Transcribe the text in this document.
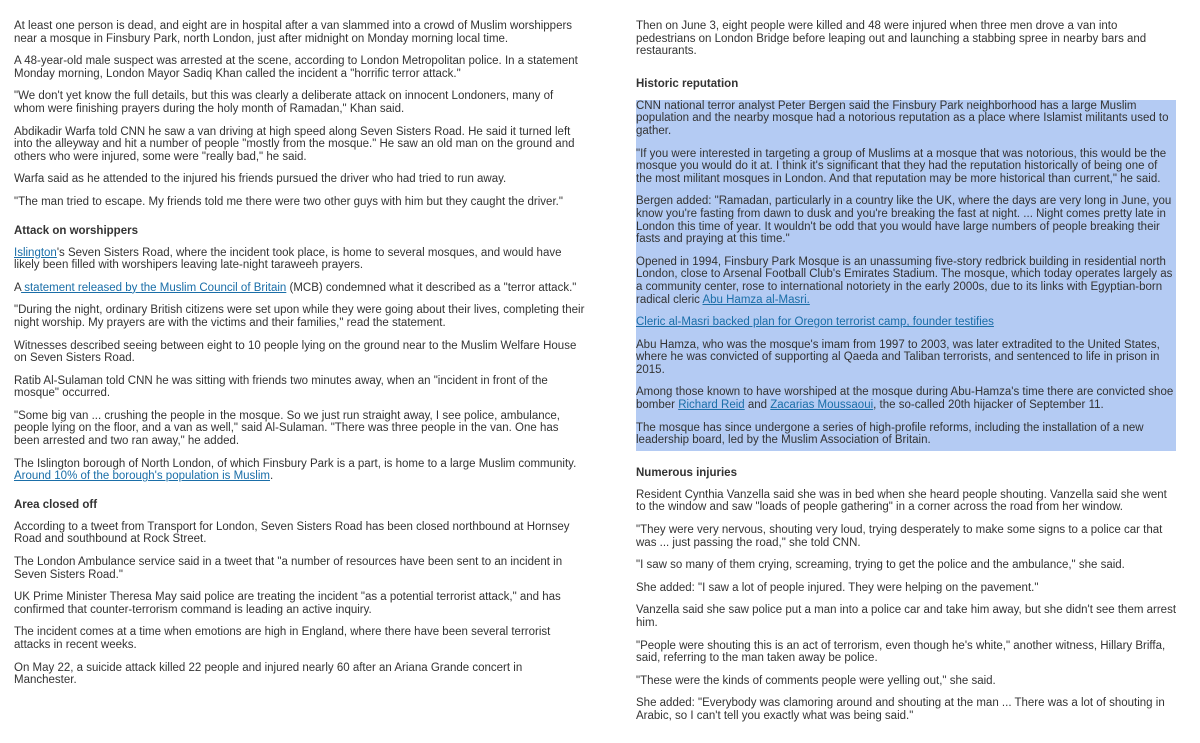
At least one person is dead, and eight are in hospital after a van slammed into a crowd of Muslim worshippers near a mosque in Finsbury Park, north London, just after midnight on Monday morning local time.

A 48-year-old male suspect was arrested at the scene, according to London Metropolitan police. In a statement Monday morning, London Mayor Sadiq Khan called the incident a "horrific terror attack."

"We don't yet know the full details, but this was clearly a deliberate attack on innocent Londoners, many of whom were finishing prayers during the holy month of Ramadan," Khan said.

Abdikadir Warfa told CNN he saw a van driving at high speed along Seven Sisters Road. He said it turned left into the alleyway and hit a number of people "mostly from the mosque." He saw an old man on the ground and others who were injured, some were "really bad," he said.

Warfa said as he attended to the injured his friends pursued the driver who had tried to run away.

"The man tried to escape. My friends told me there were two other guys with him but they caught the driver."

Attack on worshippers

Islington's Seven Sisters Road, where the incident took place, is home to several mosques, and would have likely been filled with worshipers leaving late-night taraweeh prayers.

A statement released by the Muslim Council of Britain (MCB) condemned what it described as a "terror attack."

"During the night, ordinary British citizens were set upon while they were going about their lives, completing their night worship. My prayers are with the victims and their families," read the statement.

Witnesses described seeing between eight to 10 people lying on the ground near to the Muslim Welfare House on Seven Sisters Road.

Ratib Al-Sulaman told CNN he was sitting with friends two minutes away, when an "incident in front of the mosque" occurred.

"Some big van ... crushing the people in the mosque. So we just run straight away, I see police, ambulance, people lying on the floor, and a van as well," said Al-Sulaman. "There was three people in the van. One has been arrested and two ran away," he added.

The Islington borough of North London, of which Finsbury Park is a part, is home to a large Muslim community. Around 10% of the borough's population is Muslim.

Area closed off

According to a tweet from Transport for London, Seven Sisters Road has been closed northbound at Hornsey Road and southbound at Rock Street.

The London Ambulance service said in a tweet that "a number of resources have been sent to an incident in Seven Sisters Road."

UK Prime Minister Theresa May said police are treating the incident "as a potential terrorist attack," and has confirmed that counter-terrorism command is leading an active inquiry.

The incident comes at a time when emotions are high in England, where there have been several terrorist attacks in recent weeks.

On May 22, a suicide attack killed 22 people and injured nearly 60 after an Ariana Grande concert in Manchester.

Then on June 3, eight people were killed and 48 were injured when three men drove a van into pedestrians on London Bridge before leaping out and launching a stabbing spree in nearby bars and restaurants.

Historic reputation

CNN national terror analyst Peter Bergen said the Finsbury Park neighborhood has a large Muslim population and the nearby mosque had a notorious reputation as a place where Islamist militants used to gather.

"If you were interested in targeting a group of Muslims at a mosque that was notorious, this would be the mosque you would do it at. I think it's significant that they had the reputation historically of being one of the most militant mosques in London. And that reputation may be more historical than current," he said.

Bergen added: "Ramadan, particularly in a country like the UK, where the days are very long in June, you know you're fasting from dawn to dusk and you're breaking the fast at night. ... Night comes pretty late in London this time of year. It wouldn't be odd that you would have large numbers of people breaking their fasts and praying at this time."

Opened in 1994, Finsbury Park Mosque is an unassuming five-story redbrick building in residential north London, close to Arsenal Football Club's Emirates Stadium. The mosque, which today operates largely as a community center, rose to international notoriety in the early 2000s, due to its links with Egyptian-born radical cleric Abu Hamza al-Masri.

Cleric al-Masri backed plan for Oregon terrorist camp, founder testifies

Abu Hamza, who was the mosque's imam from 1997 to 2003, was later extradited to the United States, where he was convicted of supporting al Qaeda and Taliban terrorists, and sentenced to life in prison in 2015.

Among those known to have worshiped at the mosque during Abu-Hamza's time there are convicted shoe bomber Richard Reid and Zacarias Moussaoui, the so-called 20th hijacker of September 11.

The mosque has since undergone a series of high-profile reforms, including the installation of a new leadership board, led by the Muslim Association of Britain.

Numerous injuries

Resident Cynthia Vanzella said she was in bed when she heard people shouting. Vanzella said she went to the window and saw "loads of people gathering" in a corner across the road from her window.

"They were very nervous, shouting very loud, trying desperately to make some signs to a police car that was ... just passing the road," she told CNN.

"I saw so many of them crying, screaming, trying to get the police and the ambulance," she said.

She added: "I saw a lot of people injured. They were helping on the pavement."

Vanzella said she saw police put a man into a police car and take him away, but she didn't see them arrest him.

"People were shouting this is an act of terrorism, even though he's white," another witness, Hillary Briffa, said, referring to the man taken away be police.

"These were the kinds of comments people were yelling out," she said.

She added: "Everybody was clamoring around and shouting at the man ... There was a lot of shouting in Arabic, so I can't tell you exactly what was being said."
